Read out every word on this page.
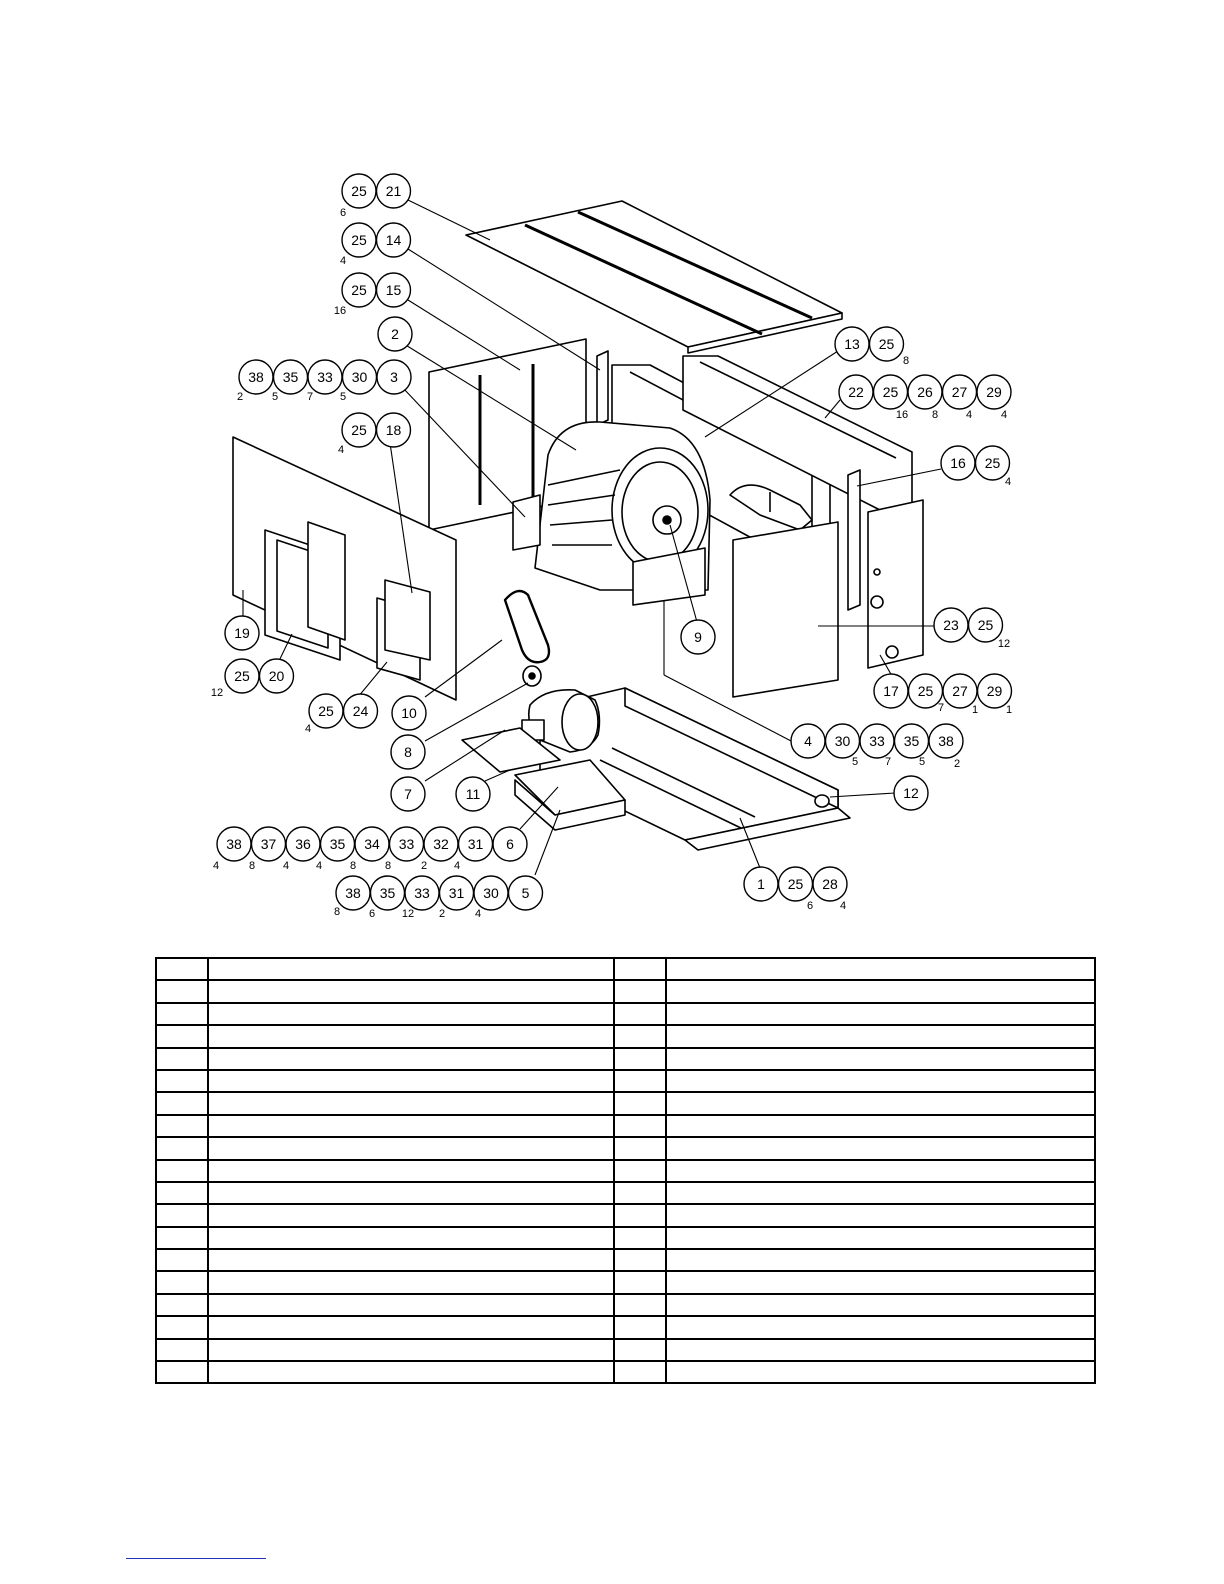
25 21
6
25 14
4
25 15
16
2
38 35 33 30 3
2	5	7 5
25 18
4
13 25
8
22 25 26 27 29
16 8	4	4
16 25
4
23 25
12
17 25 27 29
7	1	1
19
25 20
12
25 24
4
10
9
8
7	11
4 30 33 35 38
5 7	5	2
12
38 37 36 35 34 33 32 31 6
4	8	4 4	8	8	2 4
38 35 33 31 30 5
8	6 12 2	4
1 25 28
6 4
